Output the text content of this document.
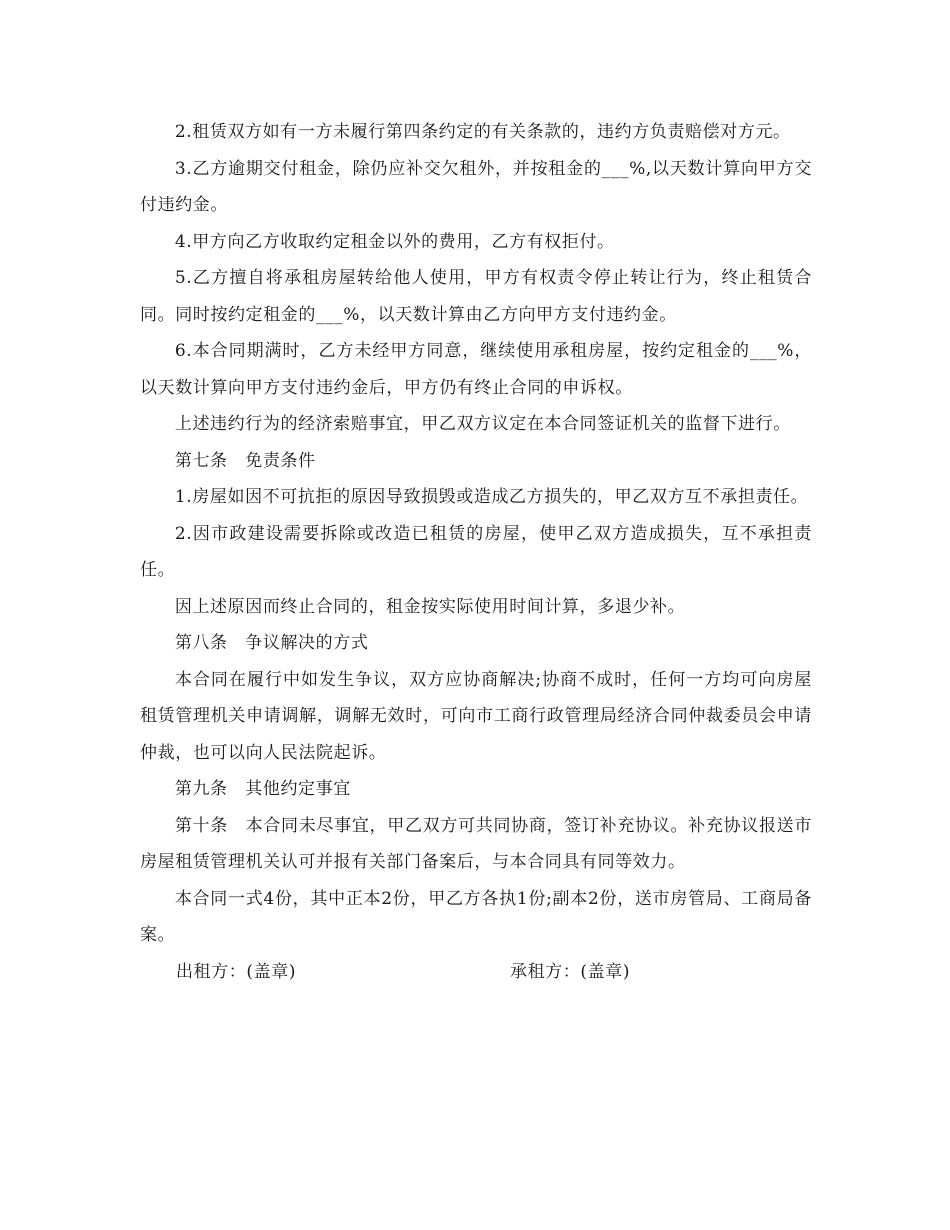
2.租赁双方如有一方未履行第四条约定的有关条款的，违约方负责赔偿对方元。

3.乙方逾期交付租金，除仍应补交欠租外，并按租金的___%,以天数计算向甲方交付违约金。

4.甲方向乙方收取约定租金以外的费用，乙方有权拒付。

5.乙方擅自将承租房屋转给他人使用，甲方有权责令停止转让行为，终止租赁合同。同时按约定租金的___%，以天数计算由乙方向甲方支付违约金。

6.本合同期满时，乙方未经甲方同意，继续使用承租房屋，按约定租金的___%，以天数计算向甲方支付违约金后，甲方仍有终止合同的申诉权。

上述违约行为的经济索赔事宜，甲乙双方议定在本合同签证机关的监督下进行。

第七条　免责条件

1.房屋如因不可抗拒的原因导致损毁或造成乙方损失的，甲乙双方互不承担责任。

2.因市政建设需要拆除或改造已租赁的房屋，使甲乙双方造成损失，互不承担责任。

因上述原因而终止合同的，租金按实际使用时间计算，多退少补。

第八条　争议解决的方式

本合同在履行中如发生争议，双方应协商解决;协商不成时，任何一方均可向房屋租赁管理机关申请调解，调解无效时，可向市工商行政管理局经济合同仲裁委员会申请仲裁，也可以向人民法院起诉。

第九条　其他约定事宜

第十条　本合同未尽事宜，甲乙双方可共同协商，签订补充协议。补充协议报送市房屋租赁管理机关认可并报有关部门备案后，与本合同具有同等效力。

本合同一式4份，其中正本2份，甲乙方各执1份;副本2份，送市房管局、工商局备案。

出租方：(盖章)	承租方：(盖章)
